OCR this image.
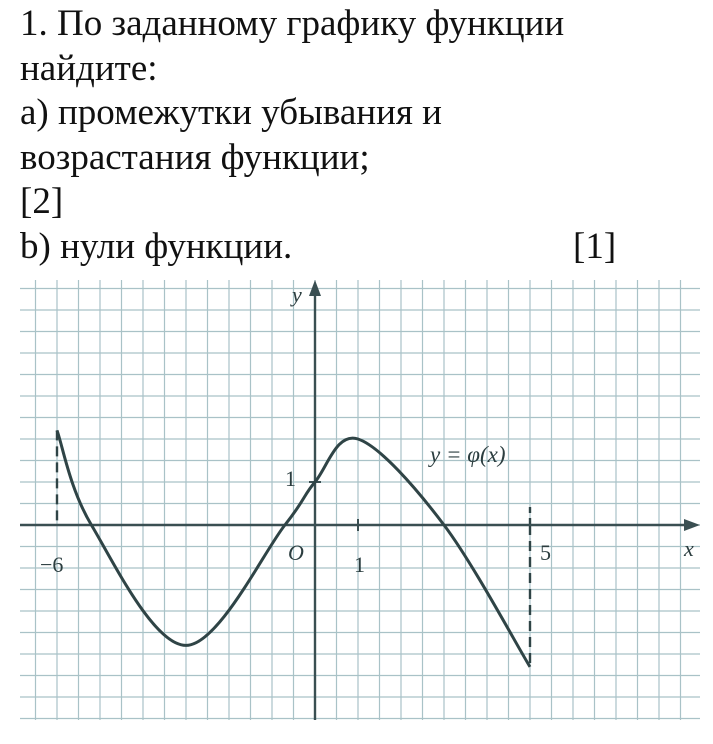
1. По заданному графику функции
найдите:
а) промежутки убывания и
возрастания функции;
[2]
b) нули функции.	[1]
x
y
O
−6	1	5
1
y = φ(x)
